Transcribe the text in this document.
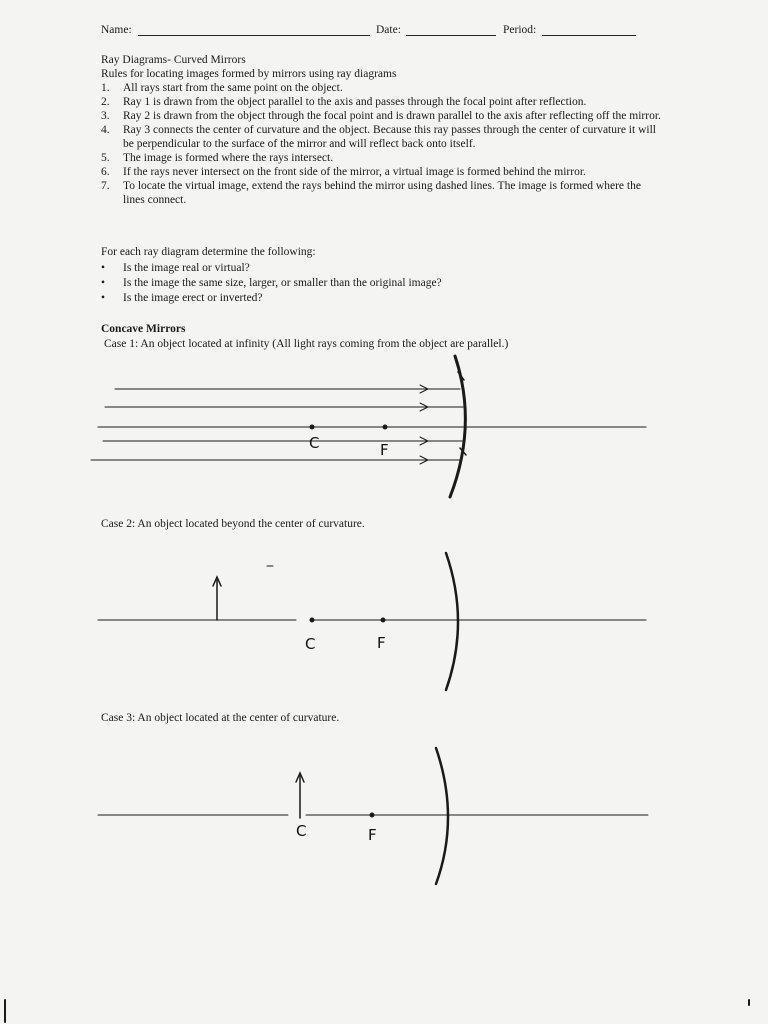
Name:	Date:	Period:
Ray Diagrams- Curved Mirrors
Rules for locating images formed by mirrors using ray diagrams
1. All rays start from the same point on the object.
2. Ray 1 is drawn from the object parallel to the axis and passes through the focal point after reflection.
3. Ray 2 is drawn from the object through the focal point and is drawn parallel to the axis after reflecting off the mirror.
4. Ray 3 connects the center of curvature and the object. Because this ray passes through the center of curvature it will be perpendicular to the surface of the mirror and will reflect back onto itself.
5. The image is formed where the rays intersect.
6. If the rays never intersect on the front side of the mirror, a virtual image is formed behind the mirror.
7. To locate the virtual image, extend the rays behind the mirror using dashed lines. The image is formed where the lines connect.
For each ray diagram determine the following:
• Is the image real or virtual?
• Is the image the same size, larger, or smaller than the original image?
• Is the image erect or inverted?
Concave Mirrors
Case 1: An object located at infinity (All light rays coming from the object are parallel.)
Case 2: An object located beyond the center of curvature.
Case 3: An object located at the center of curvature.
C	F
C	F
C	F
